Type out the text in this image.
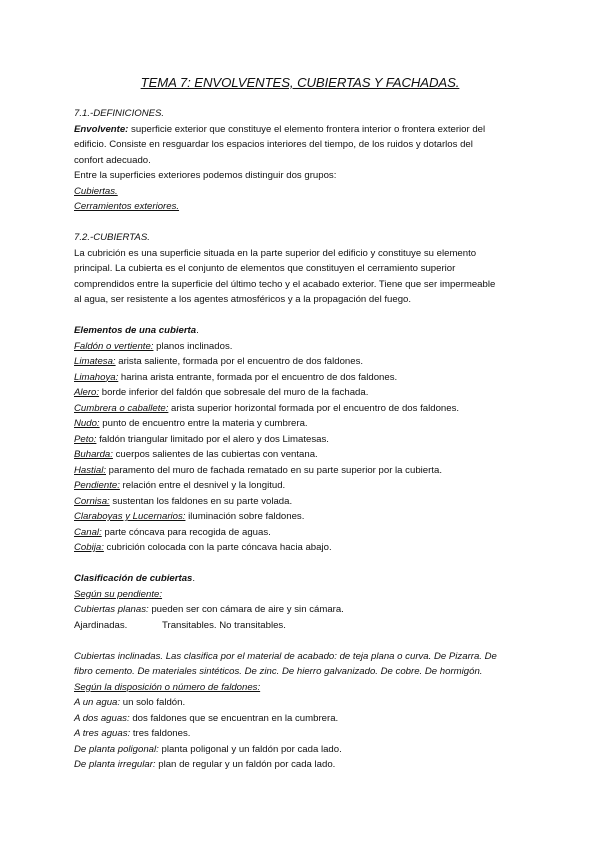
TEMA 7: ENVOLVENTES, CUBIERTAS Y FACHADAS.
7.1.-DEFINICIONES.
Envolvente: superficie exterior que constituye el elemento frontera interior o frontera exterior del
edificio. Consiste en resguardar los espacios interiores del tiempo, de los ruidos y dotarlos del
confort adecuado.
Entre la superficies exteriores podemos distinguir dos grupos:
Cubiertas.
Cerramientos exteriores.
7.2.-CUBIERTAS.
La cubrición es una superficie situada en la parte superior del edificio y constituye su elemento
principal. La cubierta es el conjunto de elementos que constituyen el cerramiento superior
comprendidos entre la superficie del último techo y el acabado exterior. Tiene que ser impermeable
al agua, ser resistente a los agentes atmosféricos y a la propagación del fuego.
Elementos de una cubierta.
Faldón o vertiente: planos inclinados.
Limatesa: arista saliente, formada por el encuentro de dos faldones.
Limahoya: harina arista entrante, formada por el encuentro de dos faldones.
Alero: borde inferior del faldón que sobresale del muro de la fachada.
Cumbrera o caballete: arista superior horizontal formada por el encuentro de dos faldones.
Nudo: punto de encuentro entre la materia y cumbrera.
Peto: faldón triangular limitado por el alero y dos Limatesas.
Buharda: cuerpos salientes de las cubiertas con ventana.
Hastial: paramento del muro de fachada rematado en su parte superior por la cubierta.
Pendiente: relación entre el desnivel y la longitud.
Cornisa: sustentan los faldones en su parte volada.
Claraboyas y Lucernarios: iluminación sobre faldones.
Canal: parte cóncava para recogida de aguas.
Cobija: cubrición colocada con la parte cóncava hacia abajo.
Clasificación de cubiertas.
Según su pendiente:
Cubiertas planas: pueden ser con cámara de aire y sin cámara.
Ajardinadas.	Transitables. No transitables.
Cubiertas inclinadas. Las clasifica por el material de acabado: de teja plana o curva. De Pizarra. De
fibro cemento. De materiales sintéticos. De zinc. De hierro galvanizado. De cobre. De hormigón.
Según la disposición o número de faldones:
A un agua: un solo faldón.
A dos aguas: dos faldones que se encuentran en la cumbrera.
A tres aguas: tres faldones.
De planta poligonal: planta poligonal y un faldón por cada lado.
De planta irregular: plan de regular y un faldón por cada lado.
